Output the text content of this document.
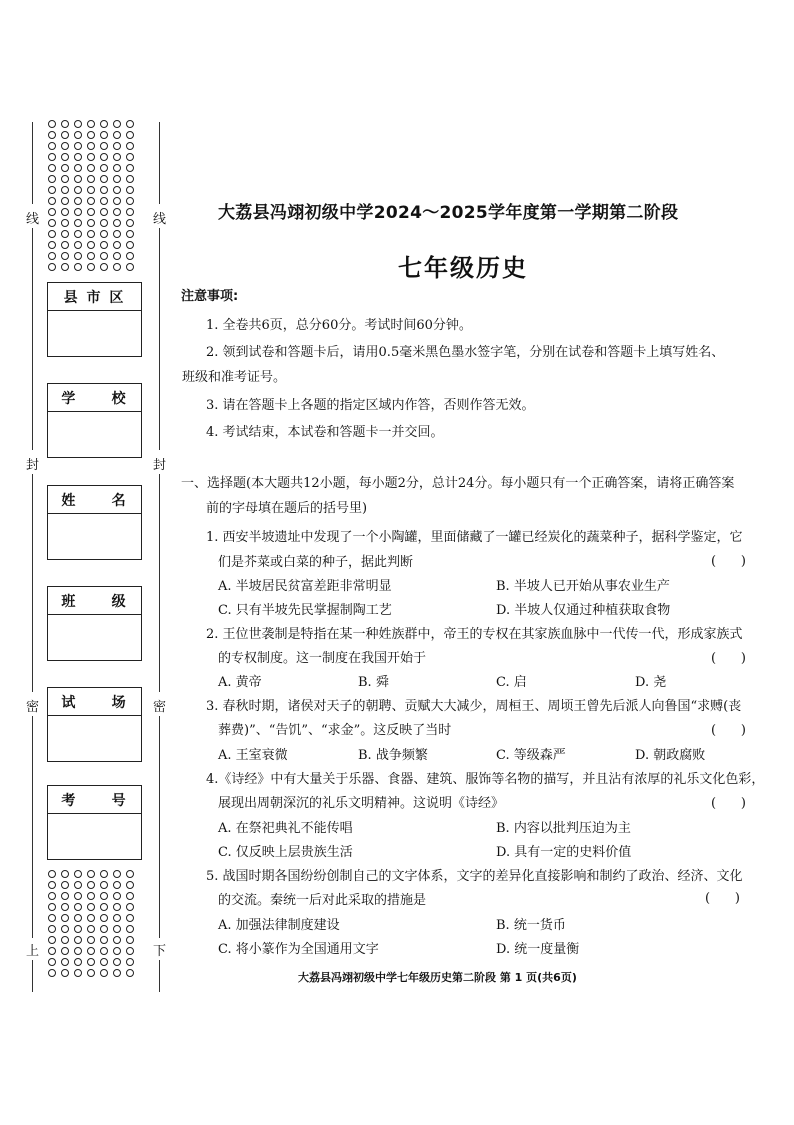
线
封
密
上
线
封
密
下
县 市 区
学     校
姓     名
班     级
试     场
考     号
大荔县冯翊初级中学2024～2025学年度第一学期第二阶段
七年级历史
注意事项:
1. 全卷共6页，总分60分。考试时间60分钟。
2. 领到试卷和答题卡后，请用0.5毫米黑色墨水签字笔，分别在试卷和答题卡上填写姓名、
班级和准考证号。
3. 请在答题卡上各题的指定区域内作答，否则作答无效。
4. 考试结束，本试卷和答题卡一并交回。
一、选择题(本大题共12小题，每小题2分，总计24分。每小题只有一个正确答案，请将正确答案
前的字母填在题后的括号里)
1. 西安半坡遗址中发现了一个小陶罐，里面储藏了一罐已经炭化的蔬菜种子，据科学鉴定，它
们是芥菜或白菜的种子，据此判断	(      )
A. 半坡居民贫富差距非常明显	B. 半坡人已开始从事农业生产
C. 只有半坡先民掌握制陶工艺	D. 半坡人仅通过种植获取食物
2. 王位世袭制是特指在某一种姓族群中，帝王的专权在其家族血脉中一代传一代，形成家族式
的专权制度。这一制度在我国开始于	(      )
A. 黄帝	B. 舜	C. 启	D. 尧
3. 春秋时期，诸侯对天子的朝聘、贡赋大大减少，周桓王、周顷王曾先后派人向鲁国“求赙(丧
葬费)”、“告饥”、“求金”。这反映了当时	(      )
A. 王室衰微	B. 战争频繁	C. 等级森严	D. 朝政腐败
4.《诗经》中有大量关于乐器、食器、建筑、服饰等名物的描写，并且沾有浓厚的礼乐文化色彩，
展现出周朝深沉的礼乐文明精神。这说明《诗经》	(      )
A. 在祭祀典礼不能传唱	B. 内容以批判压迫为主
C. 仅反映上层贵族生活	D. 具有一定的史料价值
5. 战国时期各国纷纷创制自己的文字体系，文字的差异化直接影响和制约了政治、经济、文化
的交流。秦统一后对此采取的措施是	(      )
A. 加强法律制度建设	B. 统一货币
C. 将小篆作为全国通用文字	D. 统一度量衡
大荔县冯翊初级中学七年级历史第二阶段 第 1 页(共6页)
